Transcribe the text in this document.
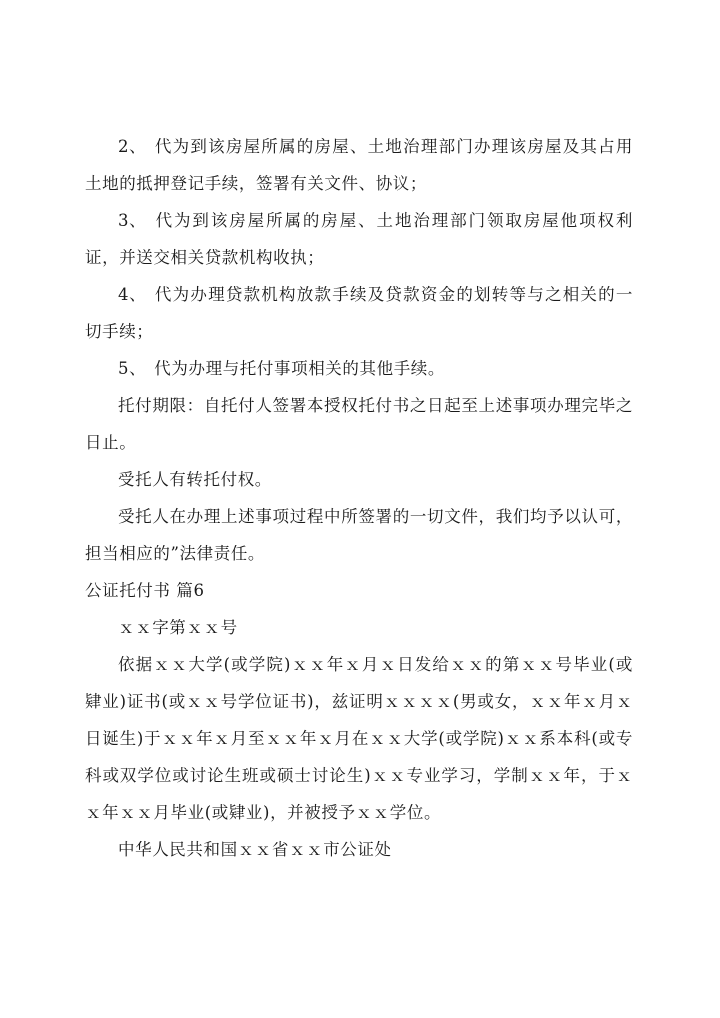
2、 代为到该房屋所属的房屋、土地治理部门办理该房屋及其占用土地的抵押登记手续，签署有关文件、协议；

3、 代为到该房屋所属的房屋、土地治理部门领取房屋他项权利证，并送交相关贷款机构收执；

4、 代为办理贷款机构放款手续及贷款资金的划转等与之相关的一切手续；

5、 代为办理与托付事项相关的其他手续。

托付期限：自托付人签署本授权托付书之日起至上述事项办理完毕之日止。

受托人有转托付权。

受托人在办理上述事项过程中所签署的一切文件，我们均予以认可，担当相应的”法律责任。

公证托付书 篇6

ｘｘ字第ｘｘ号

依据ｘｘ大学(或学院)ｘｘ年ｘ月ｘ日发给ｘｘ的第ｘｘ号毕业(或肄业)证书(或ｘｘ号学位证书)，兹证明ｘｘｘｘ(男或女，ｘｘ年ｘ月ｘ日诞生)于ｘｘ年ｘ月至ｘｘ年ｘ月在ｘｘ大学(或学院)ｘｘ系本科(或专科或双学位或讨论生班或硕士讨论生)ｘｘ专业学习，学制ｘｘ年，于ｘｘ年ｘｘ月毕业(或肄业)，并被授予ｘｘ学位。

中华人民共和国ｘｘ省ｘｘ市公证处
